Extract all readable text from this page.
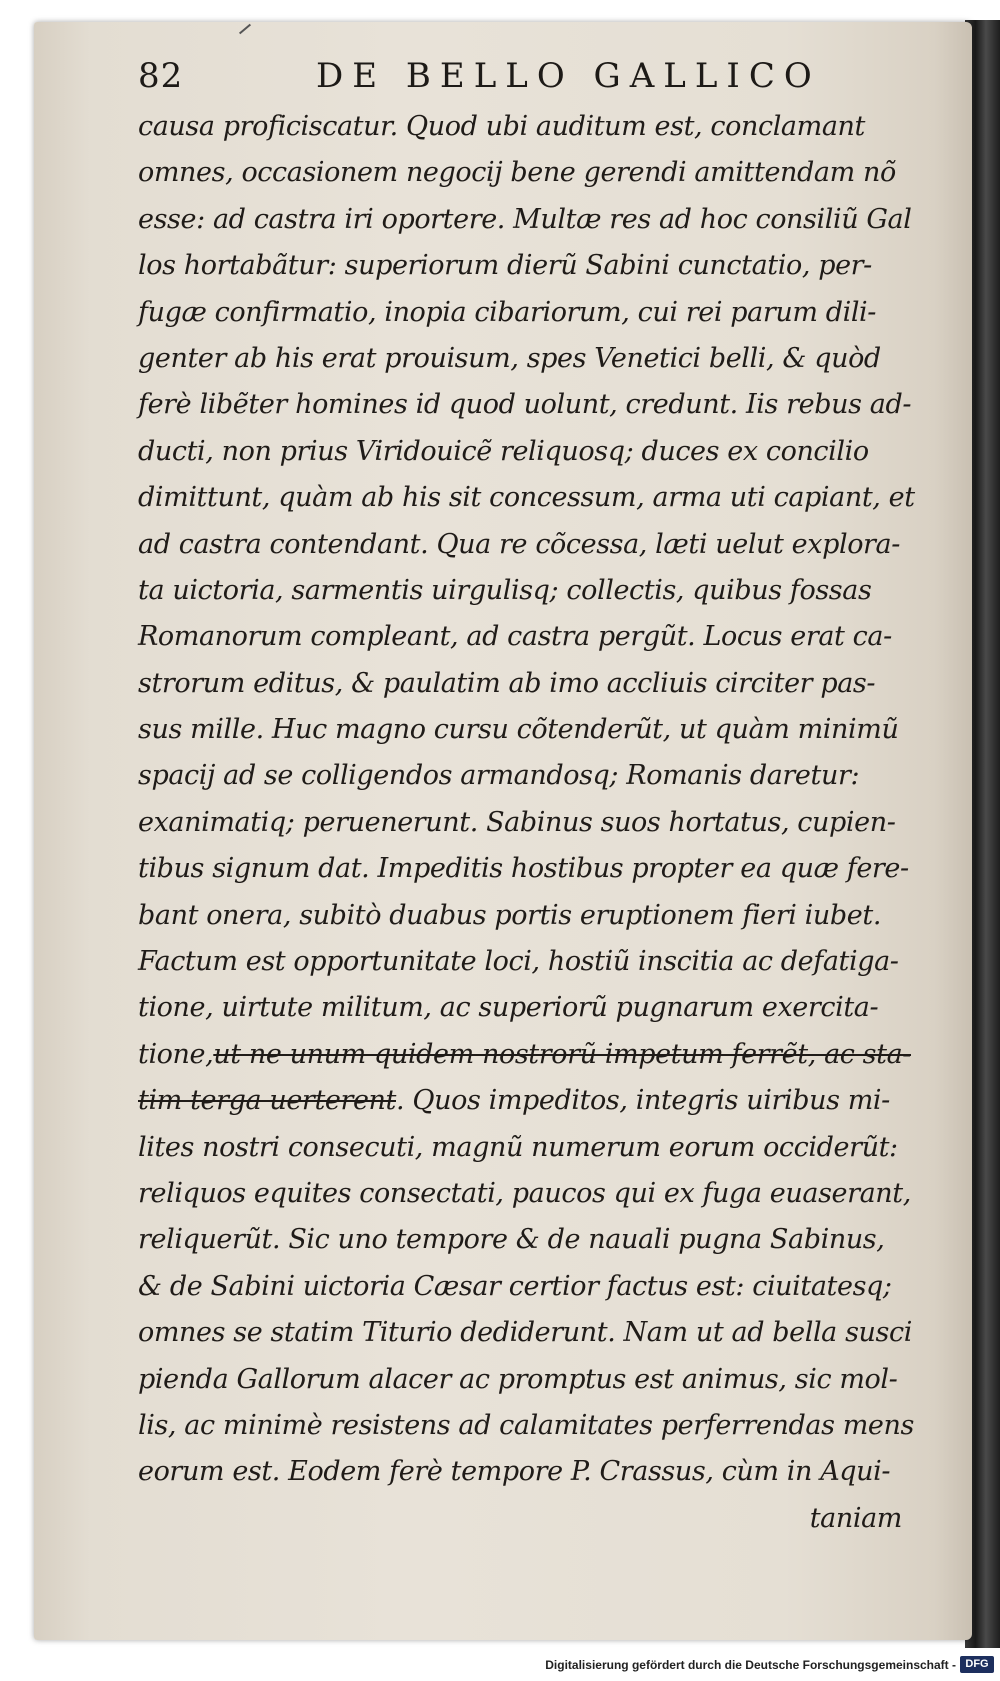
82	DE BELLO GALLICO
causa proficiscatur. Quod ubi auditum est, conclamant
omnes, occasionem negocij bene gerendi amittendam nõ
esse: ad castra iri oportere. Multæ res ad hoc consiliũ Gal
los hortabãtur: superiorum dierũ Sabini cunctatio, per-
fugæ confirmatio, inopia cibariorum, cui rei parum dili-
genter ab his erat prouisum, spes Venetici belli, & quòd
ferè libẽter homines id quod uolunt, credunt. Iis rebus ad-
ducti, non prius Viridouicẽ reliquosq; duces ex concilio
dimittunt, quàm ab his sit concessum, arma uti capiant, et
ad castra contendant. Qua re cõcessa, læti uelut explora-
ta uictoria, sarmentis uirgulisq; collectis, quibus fossas
Romanorum compleant, ad castra pergũt. Locus erat ca-
strorum editus, & paulatim ab imo accliuis circiter pas-
sus mille. Huc magno cursu cõtenderũt, ut quàm minimũ
spacij ad se colligendos armandosq; Romanis daretur:
exanimatiq; peruenerunt. Sabinus suos hortatus, cupien-
tibus signum dat. Impeditis hostibus propter ea quæ fere-
bant onera, subitò duabus portis eruptionem fieri iubet.
Factum est opportunitate loci, hostiũ inscitia ac defatiga-
tione, uirtute militum, ac superiorũ pugnarum exercita-
tione,ut ne unum quidem nostrorũ impetum ferrẽt, ac sta-
tim terga uerterent. Quos impeditos, integris uiribus mi-
lites nostri consecuti, magnũ numerum eorum occiderũt:
reliquos equites consectati, paucos qui ex fuga euaserant,
reliquerũt. Sic uno tempore & de nauali pugna Sabinus,
& de Sabini uictoria Cæsar certior factus est: ciuitatesq;
omnes se statim Titurio dediderunt. Nam ut ad bella susci
pienda Gallorum alacer ac promptus est animus, sic mol-
lis, ac minimè resistens ad calamitates perferrendas mens
eorum est. Eodem ferè tempore P. Crassus, cùm in Aqui-
taniam
Digitalisierung gefördert durch die Deutsche Forschungsgemeinschaft - DFG
